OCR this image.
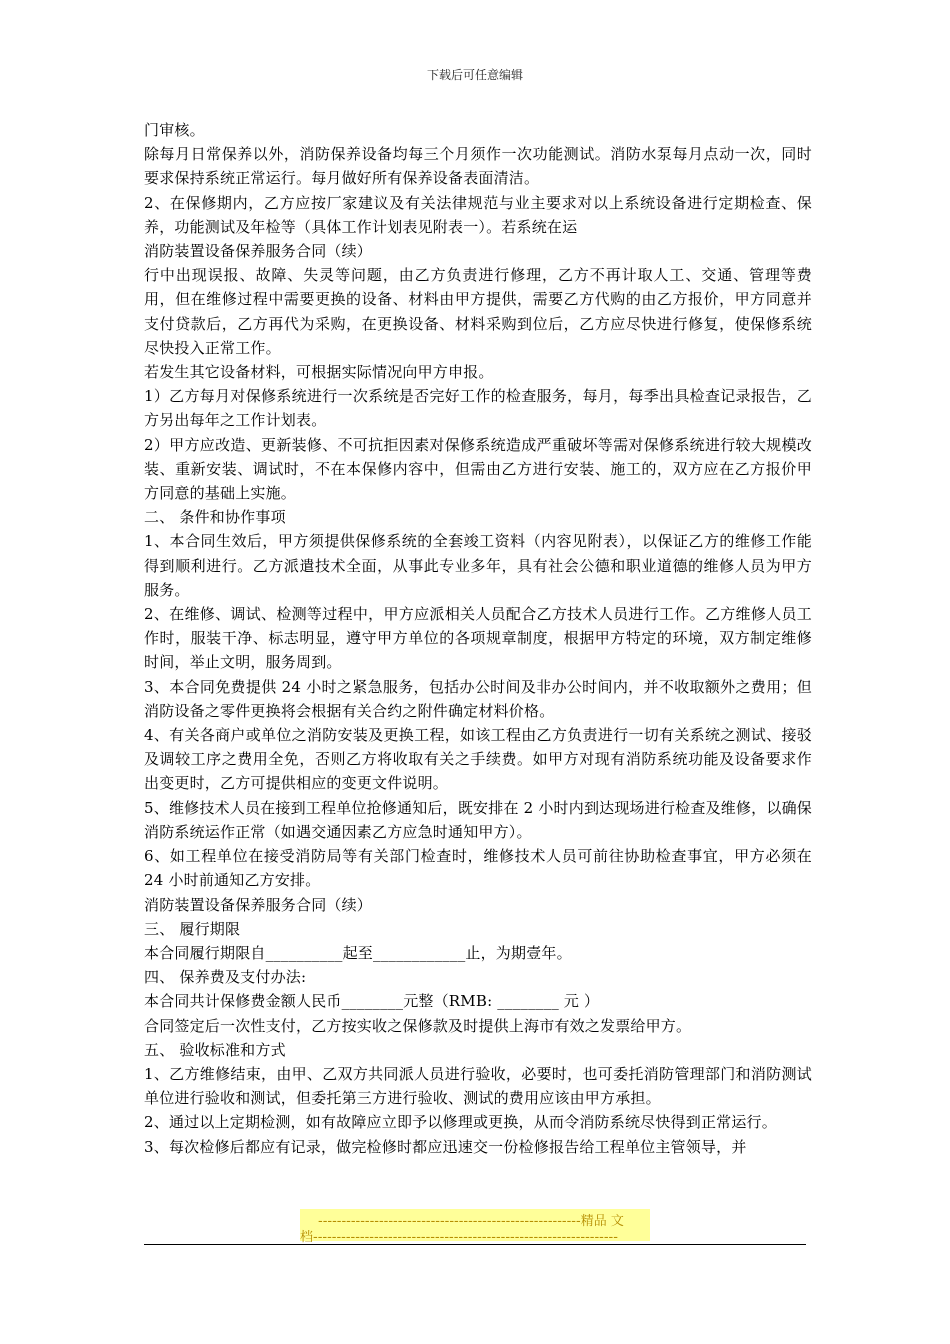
下载后可任意编辑

门审核。

除每月日常保养以外，消防保养设备均每三个月须作一次功能测试。消防水泵每月点动一次，同时要求保持系统正常运行。每月做好所有保养设备表面清洁。

2、在保修期内，乙方应按厂家建议及有关法律规范与业主要求对以上系统设备进行定期检查、保养，功能测试及年检等（具体工作计划表见附表一）。若系统在运

消防装置设备保养服务合同（续）

行中出现误报、故障、失灵等问题，由乙方负责进行修理，乙方不再计取人工、交通、管理等费用，但在维修过程中需要更换的设备、材料由甲方提供，需要乙方代购的由乙方报价，甲方同意并支付贷款后，乙方再代为采购，在更换设备、材料采购到位后，乙方应尽快进行修复，使保修系统尽快投入正常工作。

若发生其它设备材料，可根据实际情况向甲方申报。

1）乙方每月对保修系统进行一次系统是否完好工作的检查服务，每月，每季出具检查记录报告，乙方另出每年之工作计划表。

2）甲方应改造、更新装修、不可抗拒因素对保修系统造成严重破坏等需对保修系统进行较大规模改装、重新安装、调试时，不在本保修内容中，但需由乙方进行安装、施工的，双方应在乙方报价甲方同意的基础上实施。

二、 条件和协作事项

1、本合同生效后，甲方须提供保修系统的全套竣工资料（内容见附表），以保证乙方的维修工作能得到顺利进行。乙方派遣技术全面，从事此专业多年，具有社会公德和职业道德的维修人员为甲方服务。

2、在维修、调试、检测等过程中，甲方应派相关人员配合乙方技术人员进行工作。乙方维修人员工作时，服装干净、标志明显，遵守甲方单位的各项规章制度，根据甲方特定的环境，双方制定维修时间，举止文明，服务周到。

3、本合同免费提供 24 小时之紧急服务，包括办公时间及非办公时间内，并不收取额外之费用；但消防设备之零件更换将会根据有关合约之附件确定材料价格。

4、有关各商户或单位之消防安装及更换工程，如该工程由乙方负责进行一切有关系统之测试、接驳及调较工序之费用全免，否则乙方将收取有关之手续费。如甲方对现有消防系统功能及设备要求作出变更时，乙方可提供相应的变更文件说明。

5、维修技术人员在接到工程单位抢修通知后，既安排在 2 小时内到达现场进行检查及维修，以确保消防系统运作正常（如遇交通因素乙方应急时通知甲方）。

6、如工程单位在接受消防局等有关部门检查时，维修技术人员可前往协助检查事宜，甲方必须在 24 小时前通知乙方安排。

消防装置设备保养服务合同（续）

三、 履行期限

本合同履行期限自__________起至____________止，为期壹年。

四、 保养费及支付办法:

本合同共计保修费金额人民币________元整（RMB: ________ 元 ）

合同签定后一次性支付，乙方按实收之保修款及时提供上海市有效之发票给甲方。

五、 验收标准和方式

1、乙方维修结束，由甲、乙双方共同派人员进行验收，必要时，也可委托消防管理部门和消防测试单位进行验收和测试，但委托第三方进行验收、测试的费用应该由甲方承担。

2、通过以上定期检测，如有故障应立即予以修理或更换，从而令消防系统尽快得到正常运行。

3、每次检修后都应有记录，做完检修时都应迅速交一份检修报告给工程单位主管领导，并

--------------------------------------------------------精品 文
档-----------------------------------------------------------------
